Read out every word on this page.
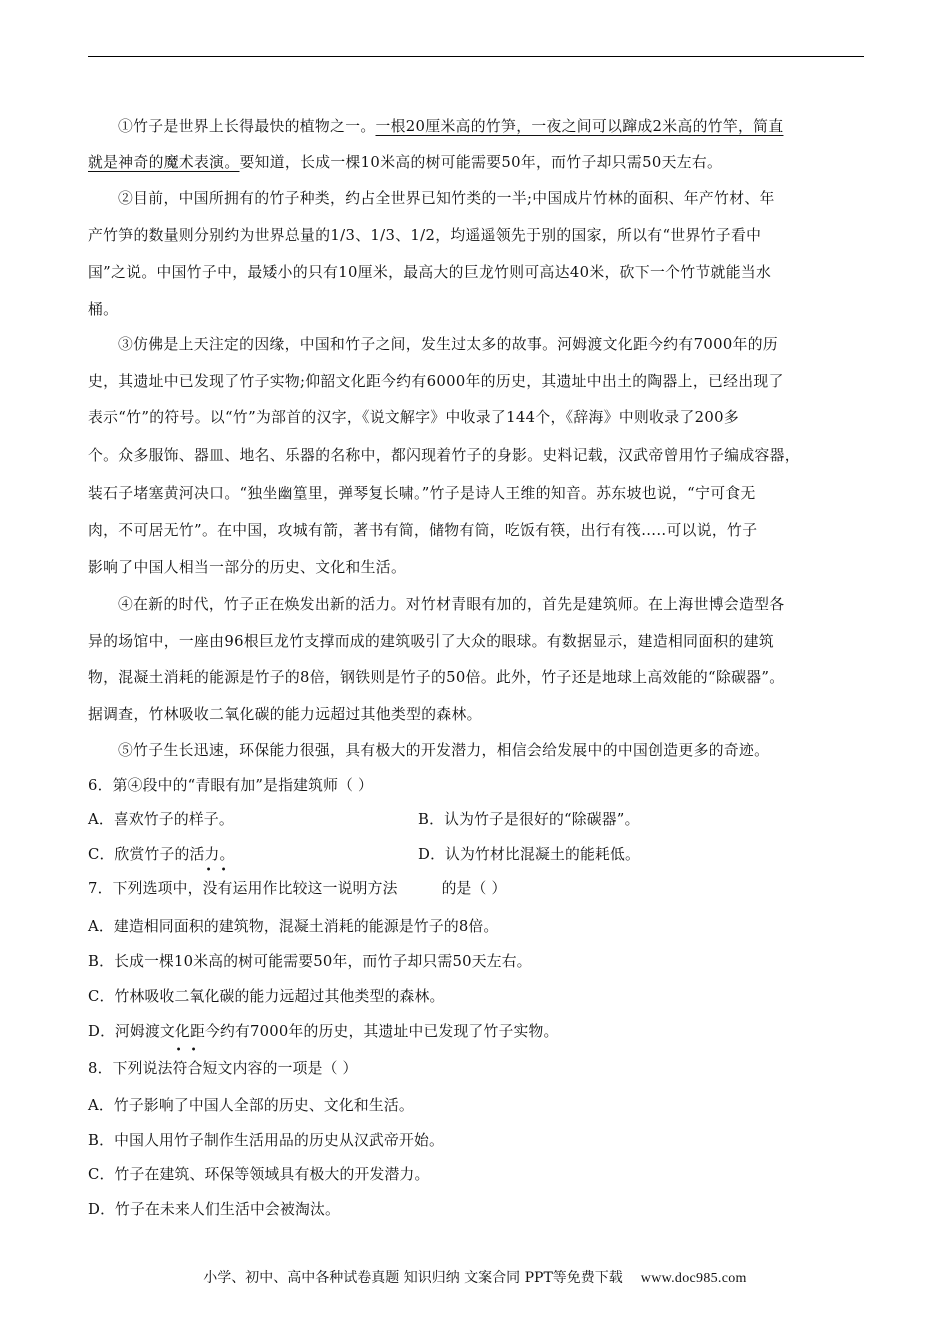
①竹子是世界上长得最快的植物之一。一根20厘米高的竹笋，一夜之间可以蹿成2米高的竹竿，简直
就是神奇的魔术表演。要知道，长成一棵10米高的树可能需要50年，而竹子却只需50天左右。
②目前，中国所拥有的竹子种类，约占全世界已知竹类的一半;中国成片竹林的面积、年产竹材、年
产竹笋的数量则分别约为世界总量的1/3、1/3、1/2，均遥遥领先于别的国家，所以有“世界竹子看中
国”之说。中国竹子中，最矮小的只有10厘米，最高大的巨龙竹则可高达40米，砍下一个竹节就能当水
桶。
③仿佛是上天注定的因缘，中国和竹子之间，发生过太多的故事。河姆渡文化距今约有7000年的历
史，其遗址中已发现了竹子实物;仰韶文化距今约有6000年的历史，其遗址中出土的陶器上，已经出现了
表示“竹”的符号。以“竹”为部首的汉字，《说文解字》中收录了144个，《辞海》中则收录了200多
个。众多服饰、器皿、地名、乐器的名称中，都闪现着竹子的身影。史料记载，汉武帝曾用竹子编成容器，
装石子堵塞黄河决口。“独坐幽篁里，弹琴复长啸。”竹子是诗人王维的知音。苏东坡也说，“宁可食无
肉，不可居无竹”。在中国，攻城有箭，著书有简，储物有筒，吃饭有筷，出行有筏.....可以说，竹子
影响了中国人相当一部分的历史、文化和生活。
④在新的时代，竹子正在焕发出新的活力。对竹材青眼有加的，首先是建筑师。在上海世博会造型各
异的场馆中，一座由96根巨龙竹支撑而成的建筑吸引了大众的眼球。有数据显示，建造相同面积的建筑
物，混凝土消耗的能源是竹子的8倍，钢铁则是竹子的50倍。此外，竹子还是地球上高效能的“除碳器”。
据调查，竹林吸收二氧化碳的能力远超过其他类型的森林。
⑤竹子生长迅速，环保能力很强，具有极大的开发潜力，相信会给发展中的中国创造更多的奇迹。
6．第④段中的“青眼有加”是指建筑师（ ）
A．喜欢竹子的样子。	B．认为竹子是很好的“除碳器”。
C．欣赏竹子的活力。	D．认为竹材比混凝土的能耗低。
7．下列选项中，没有运用作比较这一说明方法	的是（ ）
A．建造相同面积的建筑物，混凝土消耗的能源是竹子的8倍。
B．长成一棵10米高的树可能需要50年，而竹子却只需50天左右。
C．竹林吸收二氧化碳的能力远超过其他类型的森林。
D．河姆渡文化距今约有7000年的历史，其遗址中已发现了竹子实物。
8．下列说法符合短文内容的一项是（ ）
A．竹子影响了中国人全部的历史、文化和生活。
B．中国人用竹子制作生活用品的历史从汉武帝开始。
C．竹子在建筑、环保等领域具有极大的开发潜力。
D．竹子在未来人们生活中会被淘汰。
小学、初中、高中各种试卷真题 知识归纳 文案合同 PPT等免费下载 www.doc985.com
